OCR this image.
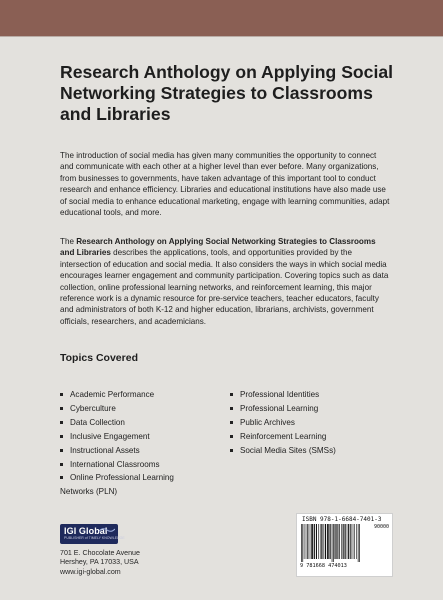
Research Anthology on Applying Social Networking Strategies to Classrooms and Libraries

The introduction of social media has given many communities the opportunity to connect and communicate with each other at a higher level than ever before. Many organizations, from businesses to governments, have taken advantage of this important tool to conduct research and enhance efficiency. Libraries and educational institutions have also made use of social media to enhance educational marketing, engage with learning communities, adapt educational tools, and more.

The Research Anthology on Applying Social Networking Strategies to Classrooms and Libraries describes the applications, tools, and opportunities provided by the intersection of education and social media. It also considers the ways in which social media encourages learner engagement and community participation. Covering topics such as data collection, online professional learning networks, and reinforcement learning, this major reference work is a dynamic resource for pre-service teachers, teacher educators, faculty and administrators of both K-12 and higher education, librarians, archivists, government officials, researchers, and academicians.

Topics Covered
Academic Performance
Cyberculture
Data Collection
Inclusive Engagement
Instructional Assets
International Classrooms
Online Professional Learning
Networks (PLN)
Professional Identities
Professional Learning
Public Archives
Reinforcement Learning
Social Media Sites (SMSs)
IGI Global
PUBLISHER of TIMELY KNOWLEDGE

701 E. Chocolate Avenue
Hershey, PA 17033, USA
www.igi-global.com

ISBN 978-1-6684-7401-3
90000
9 781668 474013
